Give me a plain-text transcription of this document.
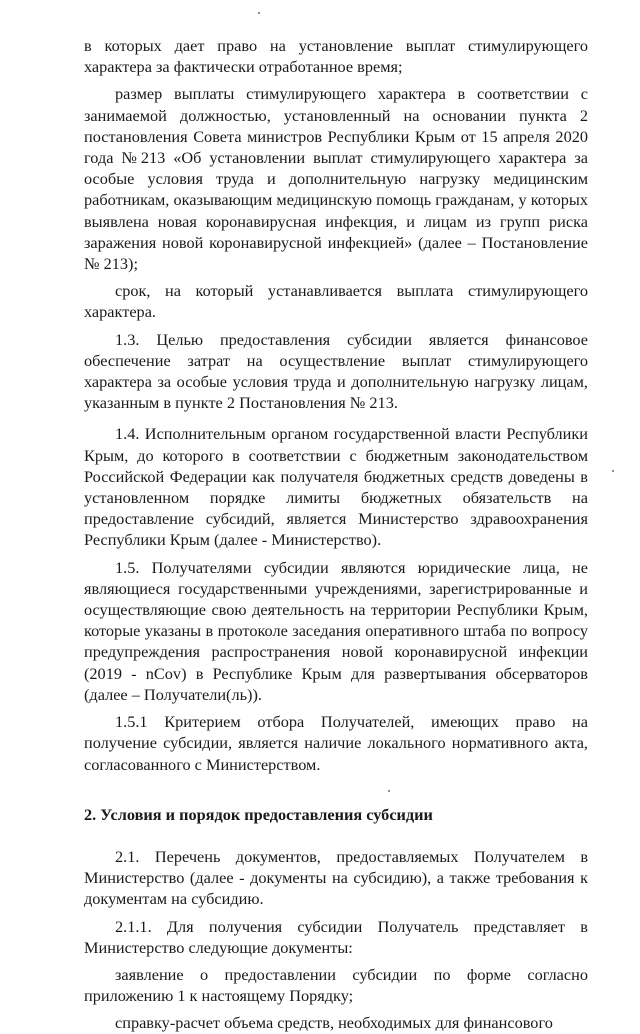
в которых дает право на установление выплат стимулирующего характера за фактически отработанное время;

размер выплаты стимулирующего характера в соответствии с занимаемой должностью, установленный на основании пункта 2 постановления Совета министров Республики Крым от 15 апреля 2020 года №213 «Об установлении выплат стимулирующего характера за особые условия труда и дополнительную нагрузку медицинским работникам, оказывающим медицинскую помощь гражданам, у которых выявлена новая коронавирусная инфекция, и лицам из групп риска заражения новой коронавирусной инфекцией» (далее – Постановление № 213);

срок, на который устанавливается выплата стимулирующего характера.

1.3. Целью предоставления субсидии является финансовое обеспечение затрат на осуществление выплат стимулирующего характера за особые условия труда и дополнительную нагрузку лицам, указанным в пункте 2 Постановления № 213.

1.4. Исполнительным органом государственной власти Республики Крым, до которого в соответствии с бюджетным законодательством Российской Федерации как получателя бюджетных средств доведены в установленном порядке лимиты бюджетных обязательств на предоставление субсидий, является Министерство здравоохранения Республики Крым (далее - Министерство).

1.5. Получателями субсидии являются юридические лица, не являющиеся государственными учреждениями, зарегистрированные и осуществляющие свою деятельность на территории Республики Крым, которые указаны в протоколе заседания оперативного штаба по вопросу предупреждения распространения новой коронавирусной инфекции (2019 - nCov) в Республике Крым для развертывания обсерваторов (далее – Получатели(ль)).

1.5.1 Критерием отбора Получателей, имеющих право на получение субсидии, является наличие локального нормативного акта, согласованного с Министерством.

2. Условия и порядок предоставления субсидии

2.1. Перечень документов, предоставляемых Получателем в Министерство (далее - документы на субсидию), а также требования к документам на субсидию.

2.1.1. Для получения субсидии Получатель представляет в Министерство следующие документы:

заявление о предоставлении субсидии по форме согласно приложению 1 к настоящему Порядку;

справку-расчет объема средств, необходимых для финансового
